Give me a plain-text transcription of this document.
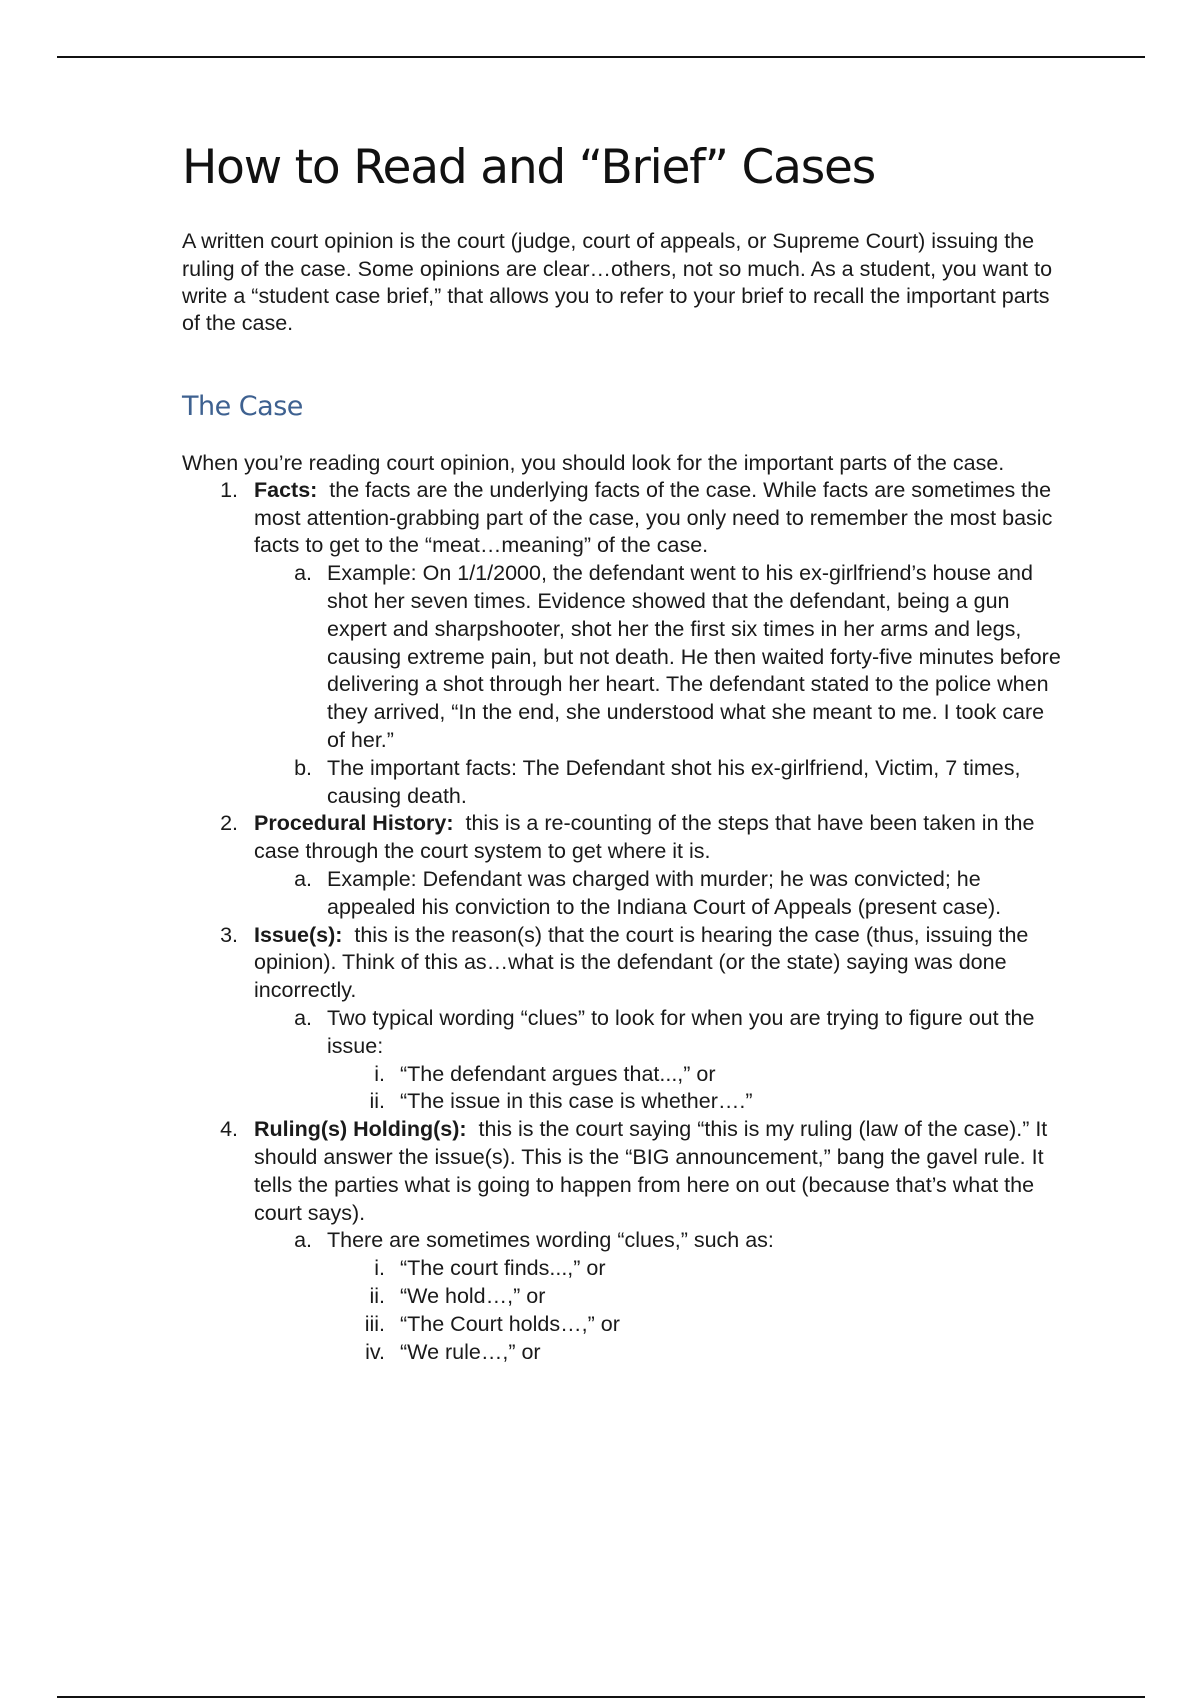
How to Read and “Brief” Cases

A written court opinion is the court (judge, court of appeals, or Supreme Court) issuing the ruling of the case. Some opinions are clear…others, not so much. As a student, you want to write a “student case brief,” that allows you to refer to your brief to recall the important parts of the case.

The Case

When you’re reading court opinion, you should look for the important parts of the case.

1. Facts: the facts are the underlying facts of the case. While facts are sometimes the most attention-grabbing part of the case, you only need to remember the most basic facts to get to the “meat…meaning” of the case.
a. Example: On 1/1/2000, the defendant went to his ex-girlfriend’s house and shot her seven times. Evidence showed that the defendant, being a gun expert and sharpshooter, shot her the first six times in her arms and legs, causing extreme pain, but not death. He then waited forty-five minutes before delivering a shot through her heart. The defendant stated to the police when they arrived, “In the end, she understood what she meant to me. I took care of her.”
b. The important facts: The Defendant shot his ex-girlfriend, Victim, 7 times, causing death.
2. Procedural History: this is a re-counting of the steps that have been taken in the case through the court system to get where it is.
a. Example: Defendant was charged with murder; he was convicted; he appealed his conviction to the Indiana Court of Appeals (present case).
3. Issue(s): this is the reason(s) that the court is hearing the case (thus, issuing the opinion). Think of this as…what is the defendant (or the state) saying was done incorrectly.
a. Two typical wording “clues” to look for when you are trying to figure out the issue:
i. “The defendant argues that...,” or
ii. “The issue in this case is whether….”
4. Ruling(s) Holding(s): this is the court saying “this is my ruling (law of the case).” It should answer the issue(s). This is the “BIG announcement,” bang the gavel rule. It tells the parties what is going to happen from here on out (because that’s what the court says).
a. There are sometimes wording “clues,” such as:
i. “The court finds...,” or
ii. “We hold…,” or
iii. “The Court holds…,” or
iv. “We rule…,” or
